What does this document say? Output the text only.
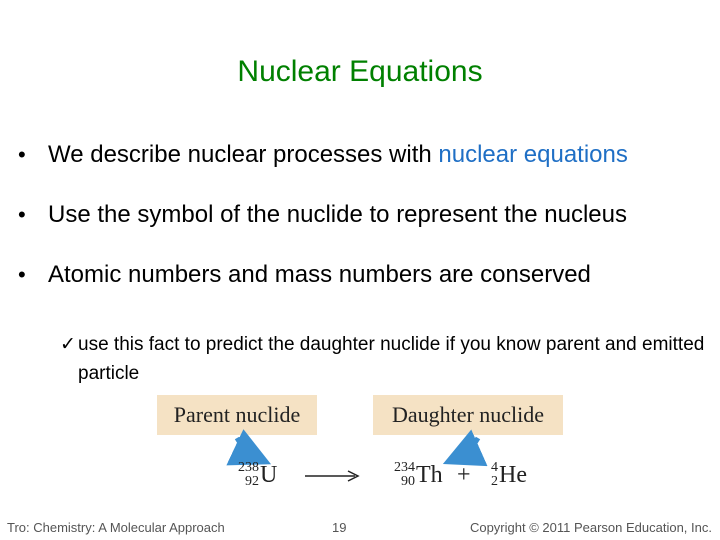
Nuclear Equations
• We describe nuclear processes with nuclear equations
• Use the symbol of the nuclide to represent the nucleus
• Atomic numbers and mass numbers are conserved
✓ use this fact to predict the daughter nuclide if you know parent and emitted particle
Parent nuclide	Daughter nuclide
238
92 U	234
90 Th + 4
2 He
Tro: Chemistry: A Molecular Approach	19	Copyright © 2011 Pearson Education, Inc.
